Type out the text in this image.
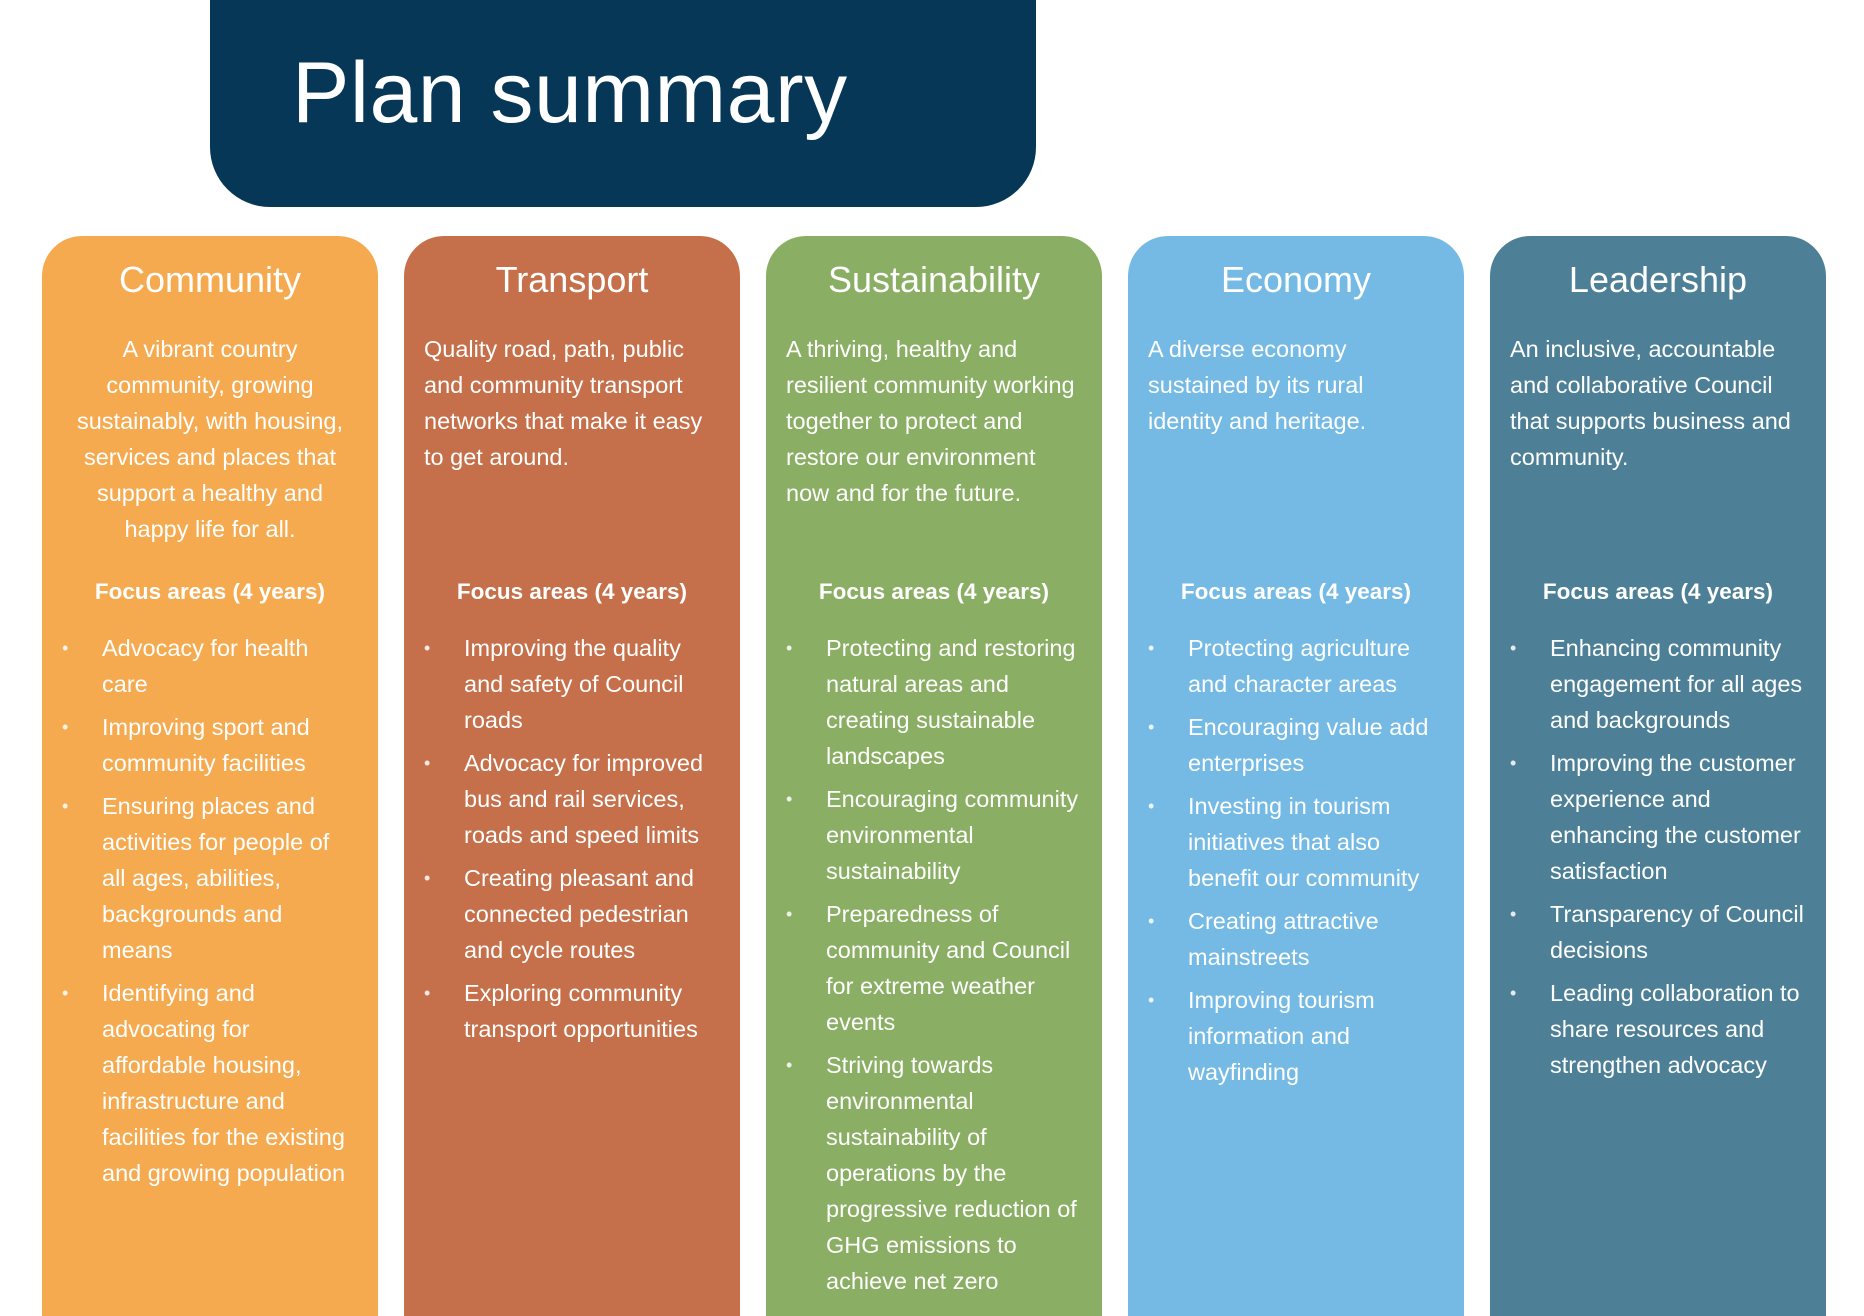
Plan summary
Community

A vibrant country community, growing sustainably, with housing, services and places that support a healthy and happy life for all.

Focus areas (4 years)
• Advocacy for health care
• Improving sport and community facilities
• Ensuring places and activities for people of all ages, abilities, backgrounds and means
• Identifying and advocating for affordable housing, infrastructure and facilities for the existing and growing population
Transport

Quality road, path, public and community transport networks that make it easy to get around.

Focus areas (4 years)
• Improving the quality and safety of Council roads
• Advocacy for improved bus and rail services, roads and speed limits
• Creating pleasant and connected pedestrian and cycle routes
• Exploring community transport opportunities
Sustainability

A thriving, healthy and resilient community working together to protect and restore our environment now and for the future.

Focus areas (4 years)
• Protecting and restoring natural areas and creating sustainable landscapes
• Encouraging community environmental sustainability
• Preparedness of community and Council for extreme weather events
• Striving towards environmental sustainability of operations by the progressive reduction of GHG emissions to achieve net zero
Economy

A diverse economy sustained by its rural identity and heritage.

Focus areas (4 years)
• Protecting agriculture and character areas
• Encouraging value add enterprises
• Investing in tourism initiatives that also benefit our community
• Creating attractive mainstreets
• Improving tourism information and wayfinding
Leadership

An inclusive, accountable and collaborative Council that supports business and community.

Focus areas (4 years)
• Enhancing community engagement for all ages and backgrounds
• Improving the customer experience and enhancing the customer satisfaction
• Transparency of Council decisions
• Leading collaboration to share resources and strengthen advocacy
